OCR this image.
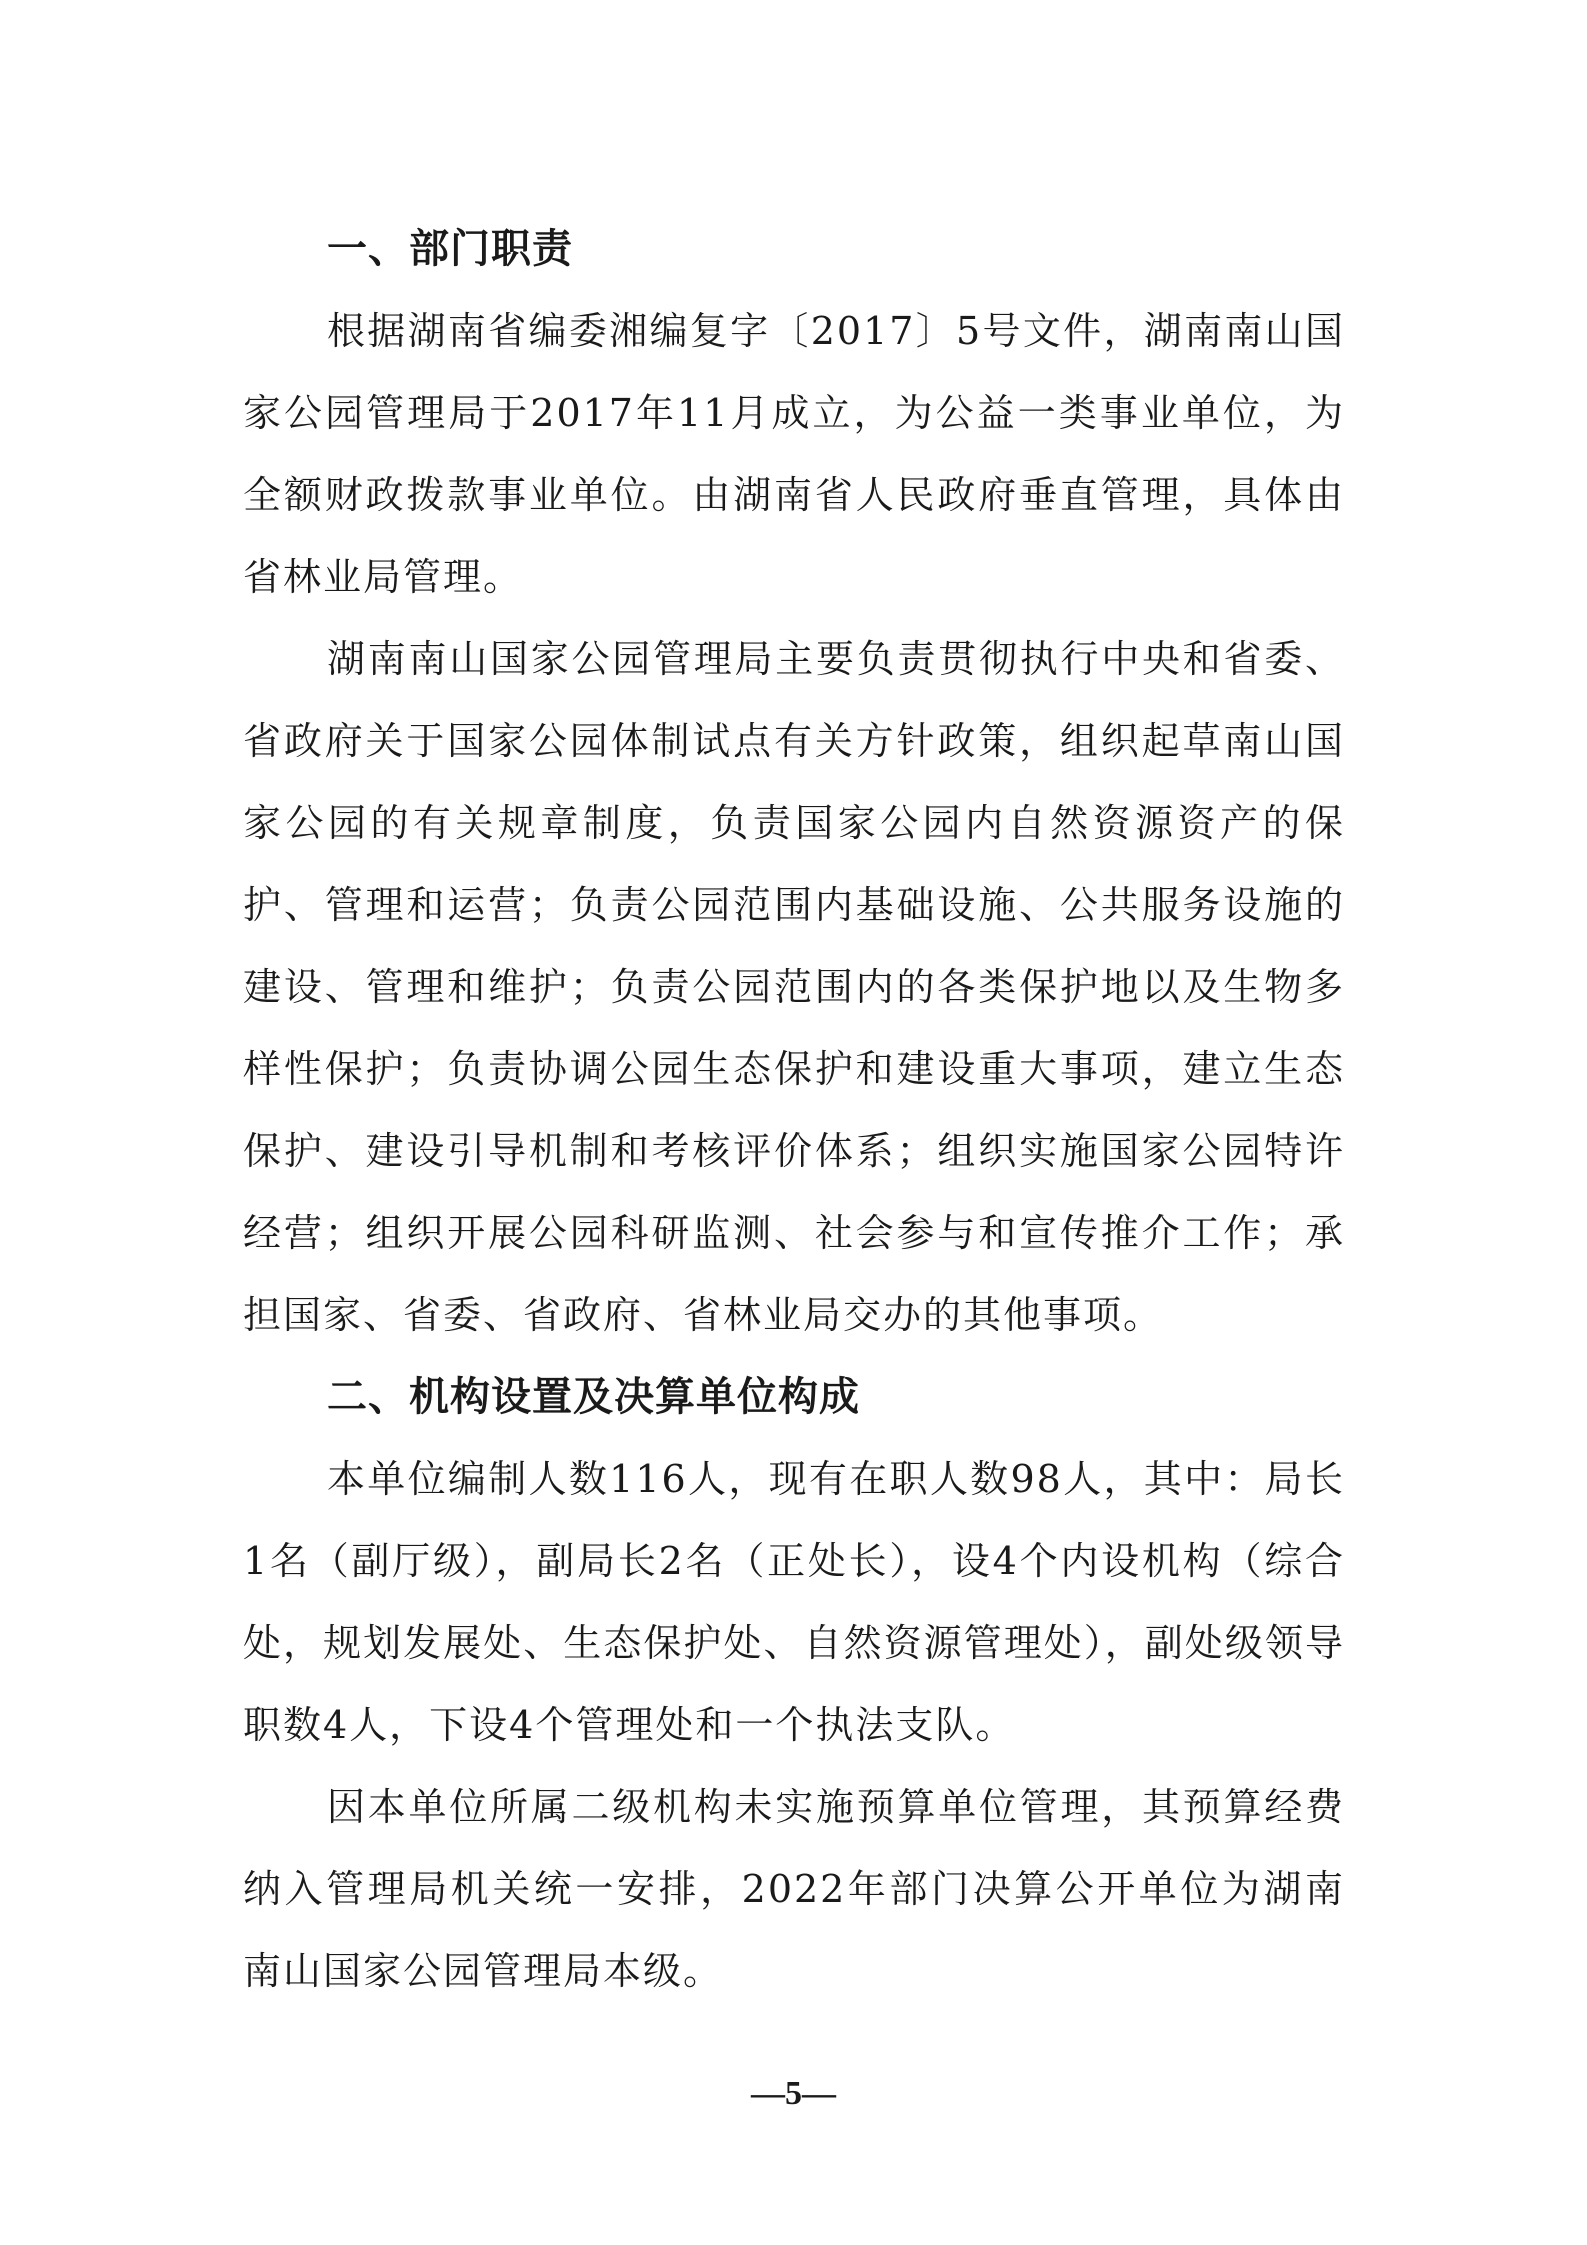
一、部门职责

根据湖南省编委湘编复字〔2017〕5号文件，湖南南山国家公园管理局于2017年11月成立，为公益一类事业单位，为全额财政拨款事业单位。由湖南省人民政府垂直管理，具体由省林业局管理。

湖南南山国家公园管理局主要负责贯彻执行中央和省委、省政府关于国家公园体制试点有关方针政策，组织起草南山国家公园的有关规章制度，负责国家公园内自然资源资产的保护、管理和运营；负责公园范围内基础设施、公共服务设施的建设、管理和维护；负责公园范围内的各类保护地以及生物多样性保护；负责协调公园生态保护和建设重大事项，建立生态保护、建设引导机制和考核评价体系；组织实施国家公园特许经营；组织开展公园科研监测、社会参与和宣传推介工作；承担国家、省委、省政府、省林业局交办的其他事项。

二、机构设置及决算单位构成

本单位编制人数116人，现有在职人数98人，其中：局长1名（副厅级），副局长2名（正处长），设4个内设机构（综合处，规划发展处、生态保护处、自然资源管理处），副处级领导职数4人，下设4个管理处和一个执法支队。

因本单位所属二级机构未实施预算单位管理，其预算经费纳入管理局机关统一安排，2022年部门决算公开单位为湖南南山国家公园管理局本级。

—5—
